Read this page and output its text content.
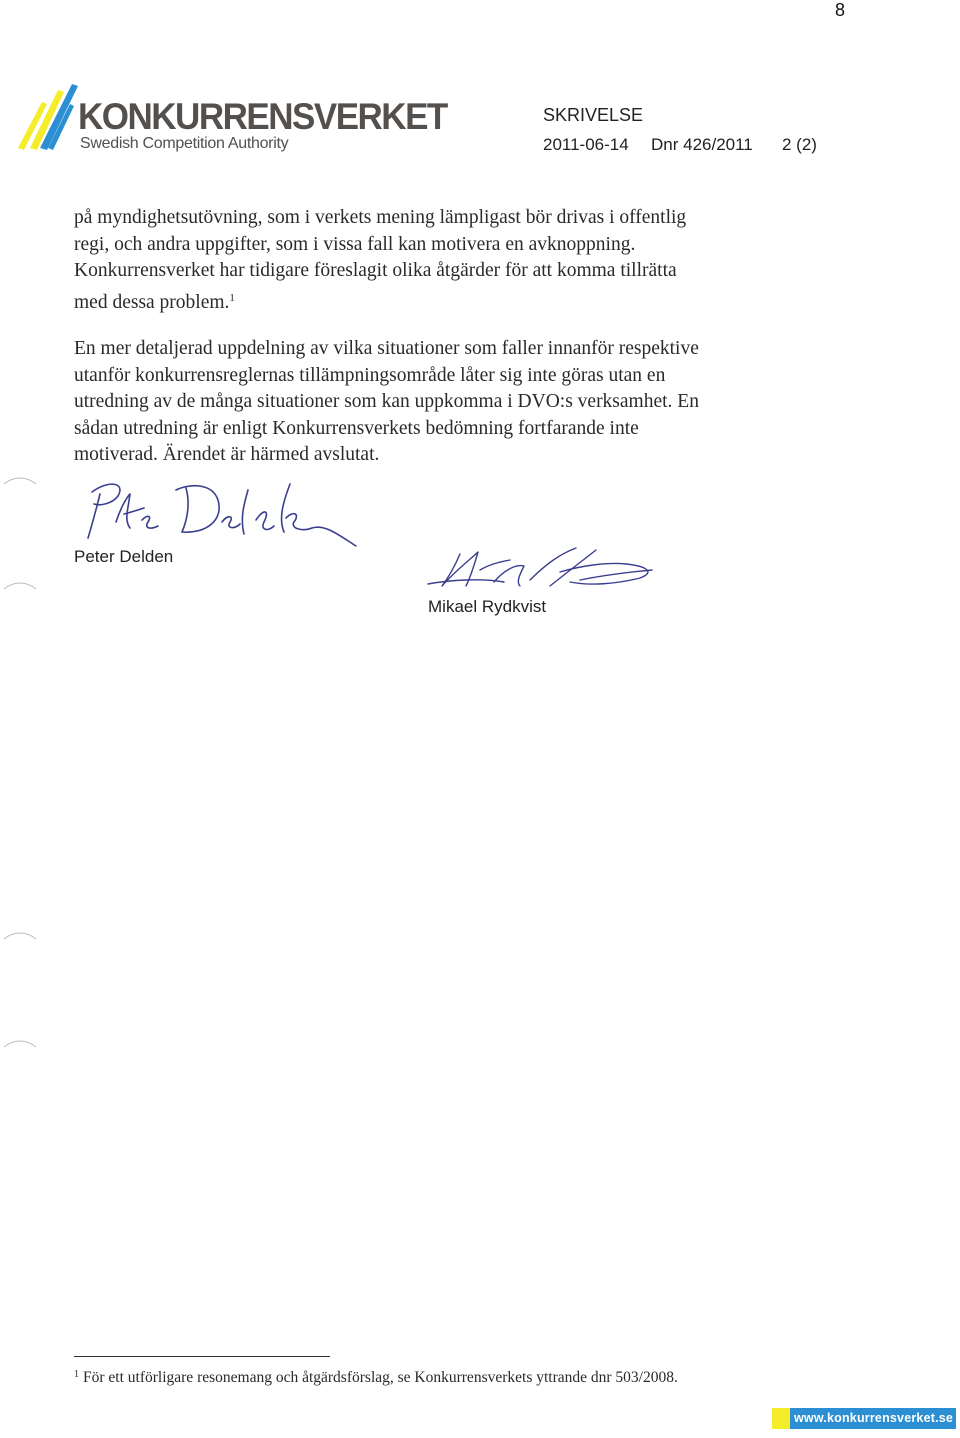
8
KONKURRENSVERKET
Swedish Competition Authority
SKRIVELSE
2011-06-14 Dnr 426/2011 2 (2)
på myndighetsutövning, som i verkets mening lämpligast bör drivas i offentlig
regi, och andra uppgifter, som i vissa fall kan motivera en avknoppning.
Konkurrensverket har tidigare föreslagit olika åtgärder för att komma tillrätta
med dessa problem.$^1$
En mer detaljerad uppdelning av vilka situationer som faller innanför respektive
utanför konkurrensreglernas tillämpningsområde låter sig inte göras utan en
utredning av de många situationer som kan uppkomma i DVO:s verksamhet. En
sådan utredning är enligt Konkurrensverkets bedömning fortfarande inte
motiverad. Ärendet är härmed avslutat.
Peter Delden
Mikael Rydkvist
$^1$ För ett utförligare resonemang och åtgärdsförslag, se Konkurrensverkets yttrande dnr 503/2008.
www.konkurrensverket.se
